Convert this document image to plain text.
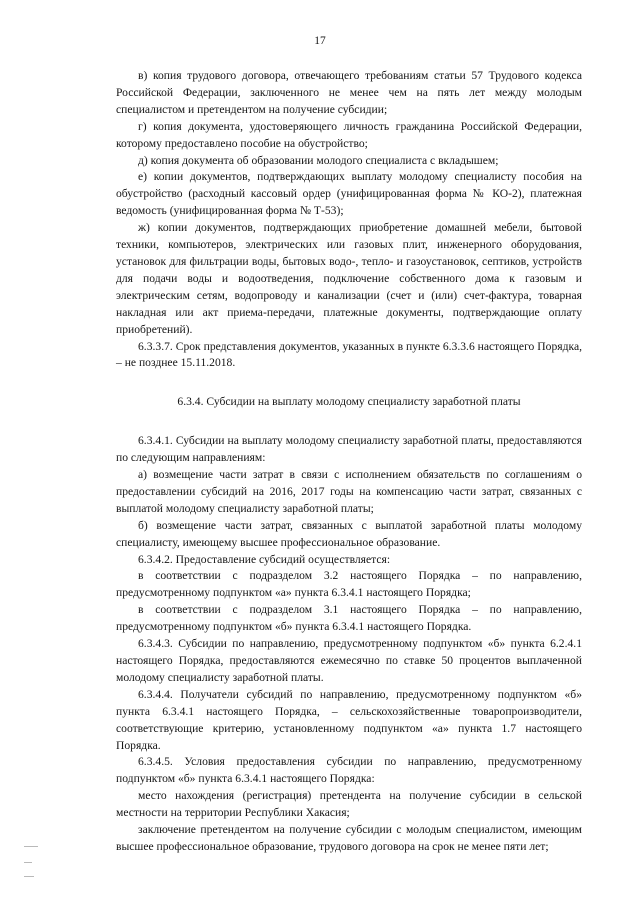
17

в) копия трудового договора, отвечающего требованиям статьи 57 Трудового кодекса Российской Федерации, заключенного не менее чем на пять лет между молодым специалистом и претендентом на получение субсидии;

г) копия документа, удостоверяющего личность гражданина Российской Федерации, которому предоставлено пособие на обустройство;

д) копия документа об образовании молодого специалиста с вкладышем;

е) копии документов, подтверждающих выплату молодому специалисту пособия на обустройство (расходный кассовый ордер (унифицированная форма № КО-2), платежная ведомость (унифицированная форма № Т-53);

ж) копии документов, подтверждающих приобретение домашней мебели, бытовой техники, компьютеров, электрических или газовых плит, инженерного оборудования, установок для фильтрации воды, бытовых водо-, тепло- и газоустановок, септиков, устройств для подачи воды и водоотведения, подключение собственного дома к газовым и электрическим сетям, водопроводу и канализации (счет и (или) счет-фактура, товарная накладная или акт приема-передачи, платежные документы, подтверждающие оплату приобретений).

6.3.3.7. Срок представления документов, указанных в пункте 6.3.3.6 настоящего Порядка, – не позднее 15.11.2018.

6.3.4. Субсидии на выплату молодому специалисту заработной платы

6.3.4.1. Субсидии на выплату молодому специалисту заработной платы, предоставляются по следующим направлениям:

а) возмещение части затрат в связи с исполнением обязательств по соглашениям о предоставлении субсидий на 2016, 2017 годы на компенсацию части затрат, связанных с выплатой молодому специалисту заработной платы;

б) возмещение части затрат, связанных с выплатой заработной платы молодому специалисту, имеющему высшее профессиональное образование.

6.3.4.2. Предоставление субсидий осуществляется:

в соответствии с подразделом 3.2 настоящего Порядка – по направлению, предусмотренному подпунктом «а» пункта 6.3.4.1 настоящего Порядка;

в соответствии с подразделом 3.1 настоящего Порядка – по направлению, предусмотренному подпунктом «б» пункта 6.3.4.1 настоящего Порядка.

6.3.4.3. Субсидии по направлению, предусмотренному подпунктом «б» пункта 6.2.4.1 настоящего Порядка, предоставляются ежемесячно по ставке 50 процентов выплаченной молодому специалисту заработной платы.

6.3.4.4. Получатели субсидий по направлению, предусмотренному подпунктом «б» пункта 6.3.4.1 настоящего Порядка, – сельскохозяйственные товаропроизводители, соответствующие критерию, установленному подпунктом «а» пункта 1.7 настоящего Порядка.

6.3.4.5. Условия предоставления субсидии по направлению, предусмотренному подпунктом «б» пункта 6.3.4.1 настоящего Порядка:

место нахождения (регистрация) претендента на получение субсидии в сельской местности на территории Республики Хакасия;

заключение претендентом на получение субсидии с молодым специалистом, имеющим высшее профессиональное образование, трудового договора на срок не менее пяти лет;
